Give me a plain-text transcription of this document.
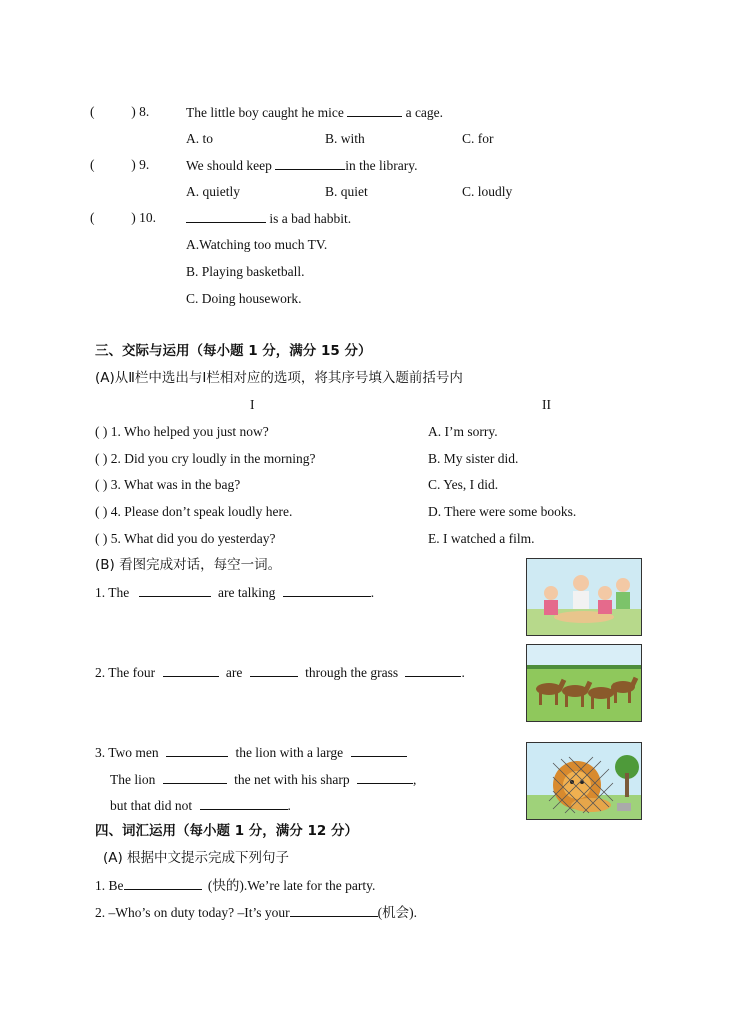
(	) 8.	The little boy caught he mice	a cage.
A. to	B. with	C. for
(	) 9.	We should keep	in the library.
A. quietly	B. quiet	C. loudly
(	) 10.	is a bad habbit.
A.Watching too much TV.
B. Playing basketball.
C. Doing housework.
三、交际与运用（每小题 1 分，满分 15 分）
(A)从Ⅱ栏中选出与Ⅰ栏相对应的选项，将其序号填入题前括号内
I	II
( ) 1. Who helped you just now?	A. I’m sorry.
( ) 2. Did you cry loudly in the morning?	B. My sister did.
( ) 3. What was in the bag?	C. Yes, I did.
( ) 4. Please don’t speak loudly here.	D. There were some books.
( ) 5. What did you do yesterday?	E. I watched a film.
(B) 看图完成对话，每空一词。
1. The	are talking	.
2. The four	are	through the grass	.
3. Two men	the lion with a large
The lion	the net with his sharp	,
but that did not	.
四、词汇运用（每小题 1 分，满分 12 分）
(A) 根据中文提示完成下列句子
1. Be	(快的).We’re late for the party.
2. –Who’s on duty today? –It’s your	(机会).
